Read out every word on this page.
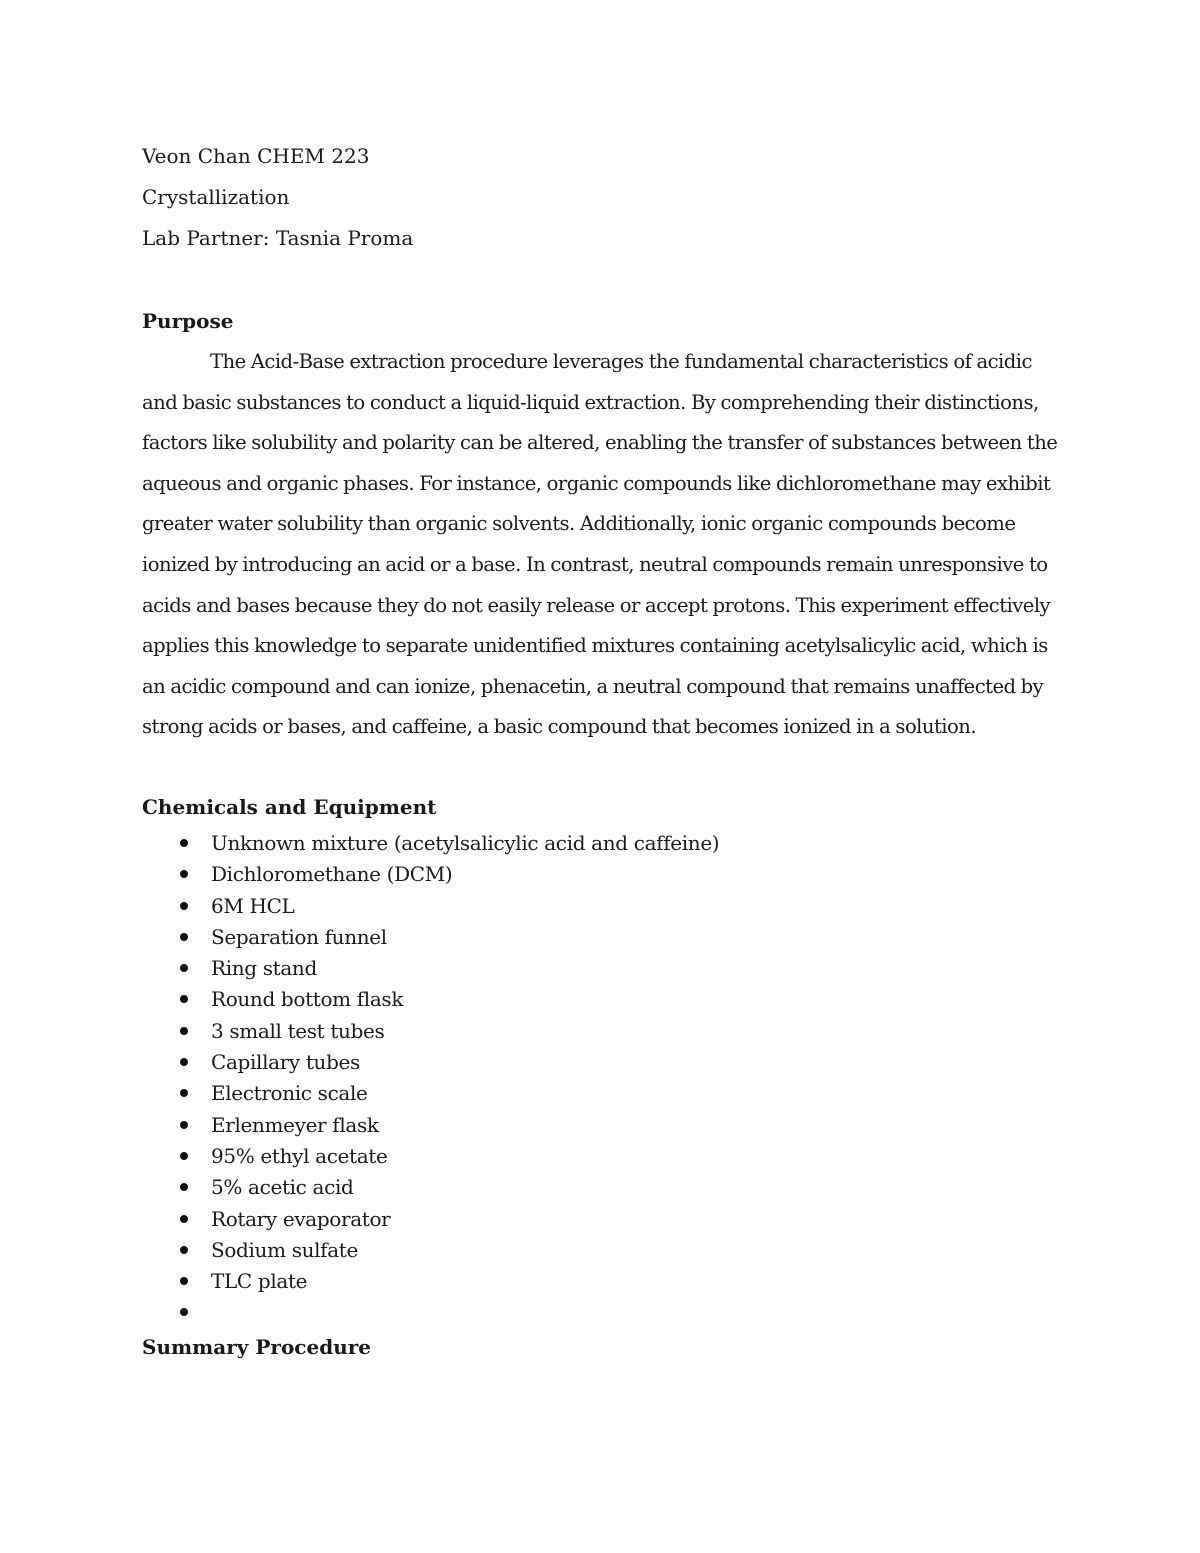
Veon Chan CHEM 223
Crystallization
Lab Partner: Tasnia Proma
Purpose

The Acid-Base extraction procedure leverages the fundamental characteristics of acidic and basic substances to conduct a liquid-liquid extraction. By comprehending their distinctions, factors like solubility and polarity can be altered, enabling the transfer of substances between the aqueous and organic phases. For instance, organic compounds like dichloromethane may exhibit greater water solubility than organic solvents. Additionally, ionic organic compounds become ionized by introducing an acid or a base. In contrast, neutral compounds remain unresponsive to acids and bases because they do not easily release or accept protons. This experiment effectively applies this knowledge to separate unidentified mixtures containing acetylsalicylic acid, which is an acidic compound and can ionize, phenacetin, a neutral compound that remains unaffected by strong acids or bases, and caffeine, a basic compound that becomes ionized in a solution.

Chemicals and Equipment
Unknown mixture (acetylsalicylic acid and caffeine)
Dichloromethane (DCM)
6M HCL
Separation funnel
Ring stand
Round bottom flask
3 small test tubes
Capillary tubes
Electronic scale
Erlenmeyer flask
95% ethyl acetate
5% acetic acid
Rotary evaporator
Sodium sulfate
TLC plate
Summary Procedure
